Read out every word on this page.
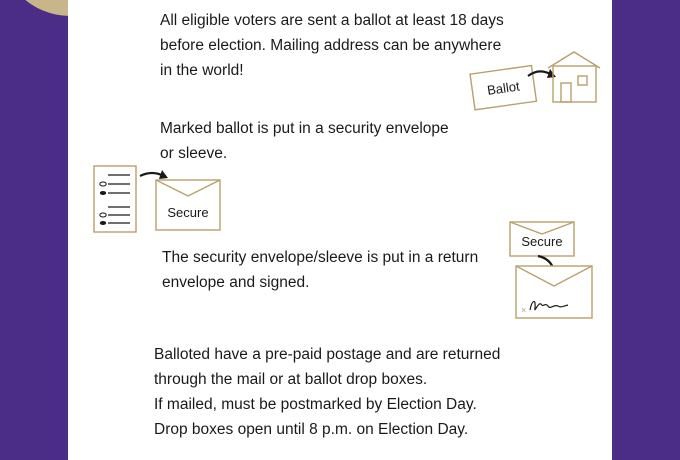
All eligible voters are sent a ballot at least 18 days
before election. Mailing address can be anywhere
in the world!

Ballot

Marked ballot is put in a security envelope
or sleeve.

Secure

The security envelope/sleeve is put in a return
envelope and signed.

Secure
×

Balloted have a pre-paid postage and are returned
through the mail or at ballot drop boxes.
If mailed, must be postmarked by Election Day.
Drop boxes open until 8 p.m. on Election Day.
